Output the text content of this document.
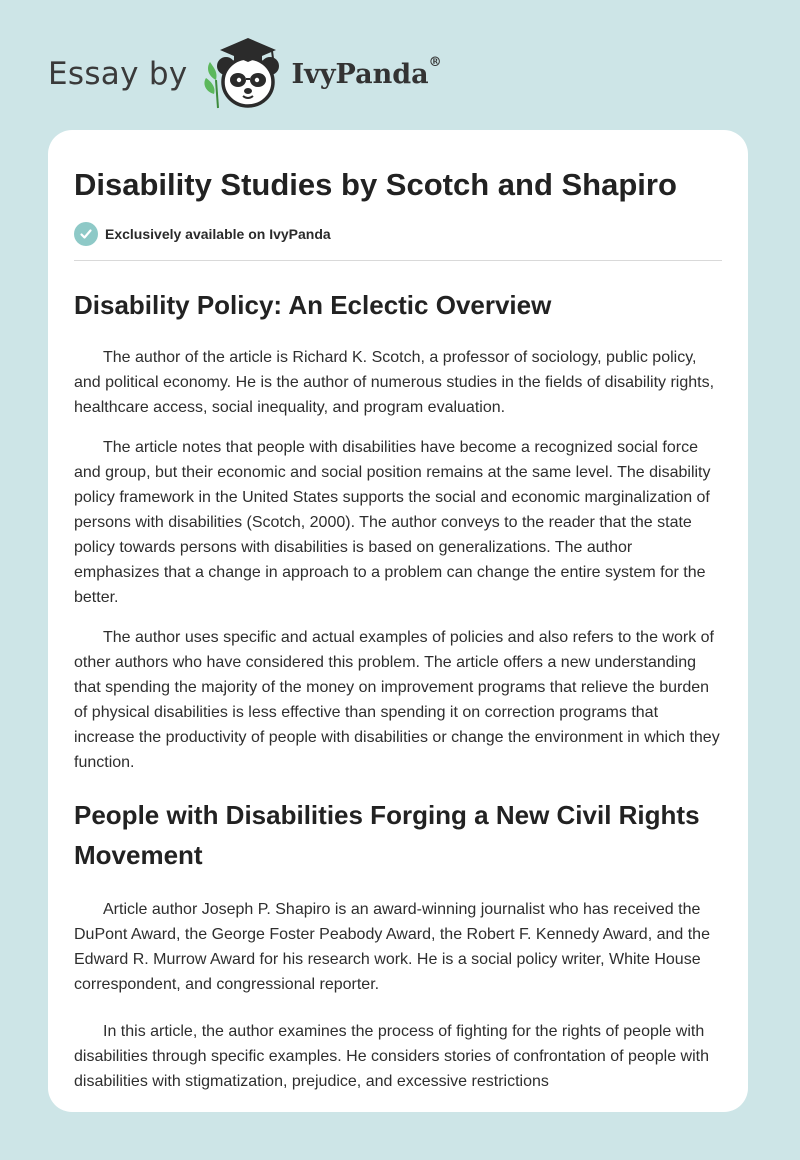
Essay by	IvyPanda®
Disability Studies by Scotch and Shapiro
Exclusively available on IvyPanda
Disability Policy: An Eclectic Overview

The author of the article is Richard K. Scotch, a professor of sociology, public policy, and political economy. He is the author of numerous studies in the fields of disability rights, healthcare access, social inequality, and program evaluation.

The article notes that people with disabilities have become a recognized social force and group, but their economic and social position remains at the same level. The disability policy framework in the United States supports the social and economic marginalization of persons with disabilities (Scotch, 2000). The author conveys to the reader that the state policy towards persons with disabilities is based on generalizations. The author emphasizes that a change in approach to a problem can change the entire system for the better.

The author uses specific and actual examples of policies and also refers to the work of other authors who have considered this problem. The article offers a new understanding that spending the majority of the money on improvement programs that relieve the burden of physical disabilities is less effective than spending it on correction programs that increase the productivity of people with disabilities or change the environment in which they function.

People with Disabilities Forging a New Civil Rights Movement

Article author Joseph P. Shapiro is an award-winning journalist who has received the DuPont Award, the George Foster Peabody Award, the Robert F. Kennedy Award, and the Edward R. Murrow Award for his research work. He is a social policy writer, White House correspondent, and congressional reporter.

In this article, the author examines the process of fighting for the rights of people with disabilities through specific examples. He considers stories of confrontation of people with disabilities with stigmatization, prejudice, and excessive restrictions
